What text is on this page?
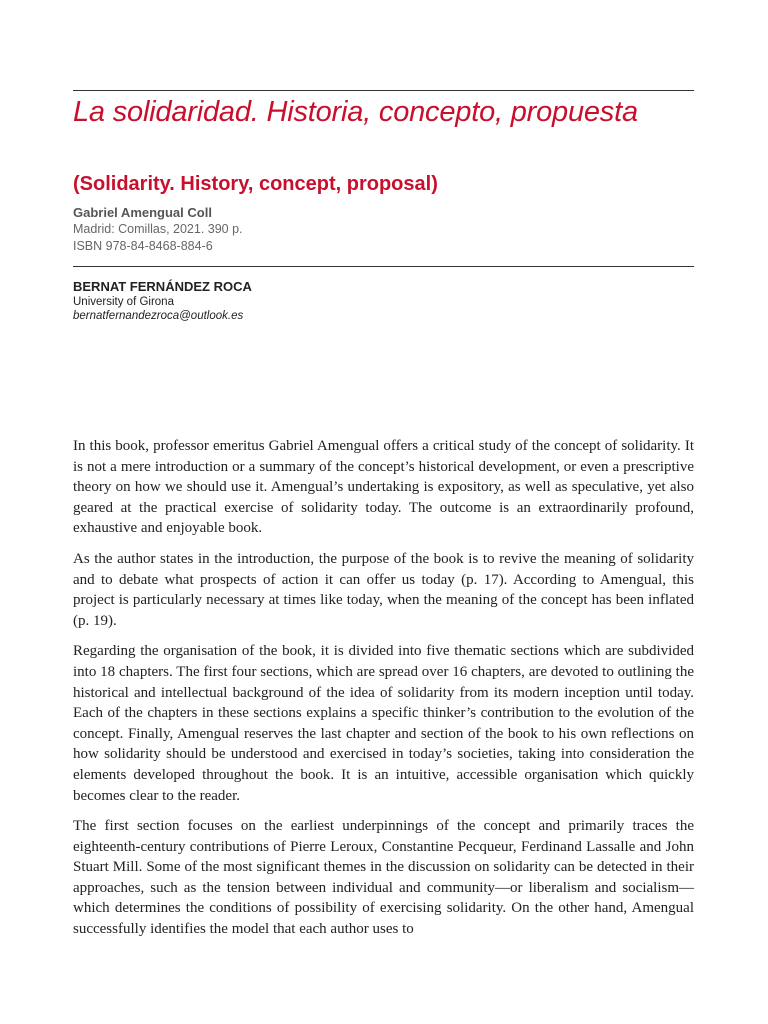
La solidaridad. Historia, concepto, propuesta
(Solidarity. History, concept, proposal)
Gabriel Amengual Coll
Madrid: Comillas, 2021. 390 p.
ISBN 978-84-8468-884-6
BERNAT FERNÁNDEZ ROCA
University of Girona
bernatfernandezroca@outlook.es

In this book, professor emeritus Gabriel Amengual offers a critical study of the concept of solidarity. It is not a mere introduction or a summary of the concept’s historical development, or even a prescriptive theory on how we should use it. Amengual’s undertaking is expository, as well as speculative, yet also geared at the practical exercise of solidarity today. The outcome is an extraordinarily profound, exhaustive and enjoyable book.

As the author states in the introduction, the purpose of the book is to revive the meaning of solidarity and to debate what prospects of action it can offer us today (p. 17). According to Amengual, this project is particularly necessary at times like today, when the meaning of the concept has been inflated (p. 19).

Regarding the organisation of the book, it is divided into five thematic sections which are subdivided into 18 chapters. The first four sections, which are spread over 16 chapters, are devoted to outlining the historical and intellectual background of the idea of solidarity from its modern inception until today. Each of the chapters in these sections explains a specific thinker’s contribution to the evolution of the concept. Finally, Amengual reserves the last chapter and section of the book to his own reflections on how solidarity should be understood and exercised in today’s societies, taking into consideration the elements developed throughout the book. It is an intuitive, accessible organisation which quickly becomes clear to the reader.

The first section focuses on the earliest underpinnings of the concept and primarily traces the eighteenth-century contributions of Pierre Leroux, Constantine Pecqueur, Ferdinand Lassalle and John Stuart Mill. Some of the most significant themes in the discussion on solidarity can be detected in their approaches, such as the tension between individual and community—or liberalism and socialism—which determines the conditions of possibility of exercising solidarity. On the other hand, Amengual successfully identifies the model that each author uses to
